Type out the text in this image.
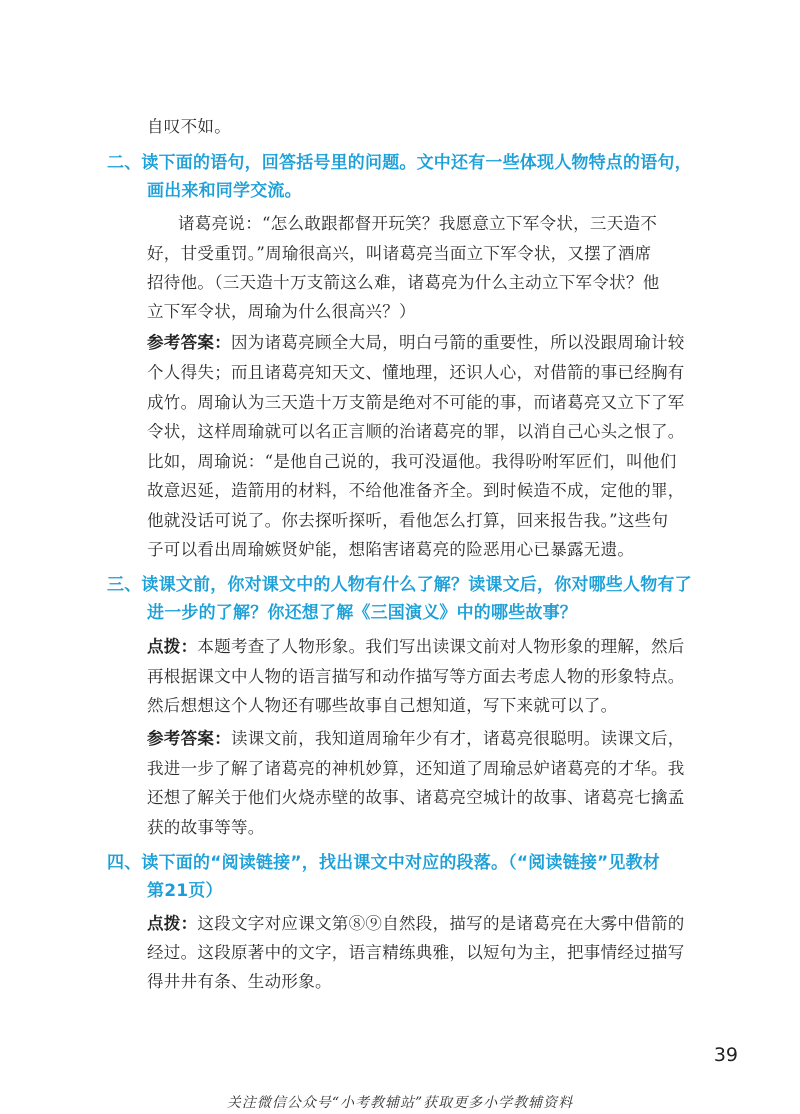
自叹不如。
二、读下面的语句，回答括号里的问题。文中还有一些体现人物特点的语句，
画出来和同学交流。
诸葛亮说：“怎么敢跟都督开玩笑？我愿意立下军令状，三天造不
好，甘受重罚。”周瑜很高兴，叫诸葛亮当面立下军令状，又摆了酒席
招待他。（三天造十万支箭这么难，诸葛亮为什么主动立下军令状？他
立下军令状，周瑜为什么很高兴？）
参考答案：因为诸葛亮顾全大局，明白弓箭的重要性，所以没跟周瑜计较
个人得失；而且诸葛亮知天文、懂地理，还识人心，对借箭的事已经胸有
成竹。周瑜认为三天造十万支箭是绝对不可能的事，而诸葛亮又立下了军
令状，这样周瑜就可以名正言顺的治诸葛亮的罪，以消自己心头之恨了。
比如，周瑜说：“是他自己说的，我可没逼他。我得吩咐军匠们，叫他们
故意迟延，造箭用的材料，不给他准备齐全。到时候造不成，定他的罪，
他就没话可说了。你去探听探听，看他怎么打算，回来报告我。”这些句
子可以看出周瑜嫉贤妒能，想陷害诸葛亮的险恶用心已暴露无遗。
三、读课文前，你对课文中的人物有什么了解？读课文后，你对哪些人物有了
进一步的了解？你还想了解《三国演义》中的哪些故事？
点拨：本题考查了人物形象。我们写出读课文前对人物形象的理解，然后
再根据课文中人物的语言描写和动作描写等方面去考虑人物的形象特点。
然后想想这个人物还有哪些故事自己想知道，写下来就可以了。
参考答案：读课文前，我知道周瑜年少有才，诸葛亮很聪明。读课文后，
我进一步了解了诸葛亮的神机妙算，还知道了周瑜忌妒诸葛亮的才华。我
还想了解关于他们火烧赤壁的故事、诸葛亮空城计的故事、诸葛亮七擒孟
获的故事等等。
四、读下面的“阅读链接”，找出课文中对应的段落。（“阅读链接”见教材
第21页）
点拨：这段文字对应课文第⑧⑨自然段，描写的是诸葛亮在大雾中借箭的
经过。这段原著中的文字，语言精练典雅，以短句为主，把事情经过描写
得井井有条、生动形象。
39
关注微信公众号“小考教辅站”获取更多小学教辅资料
